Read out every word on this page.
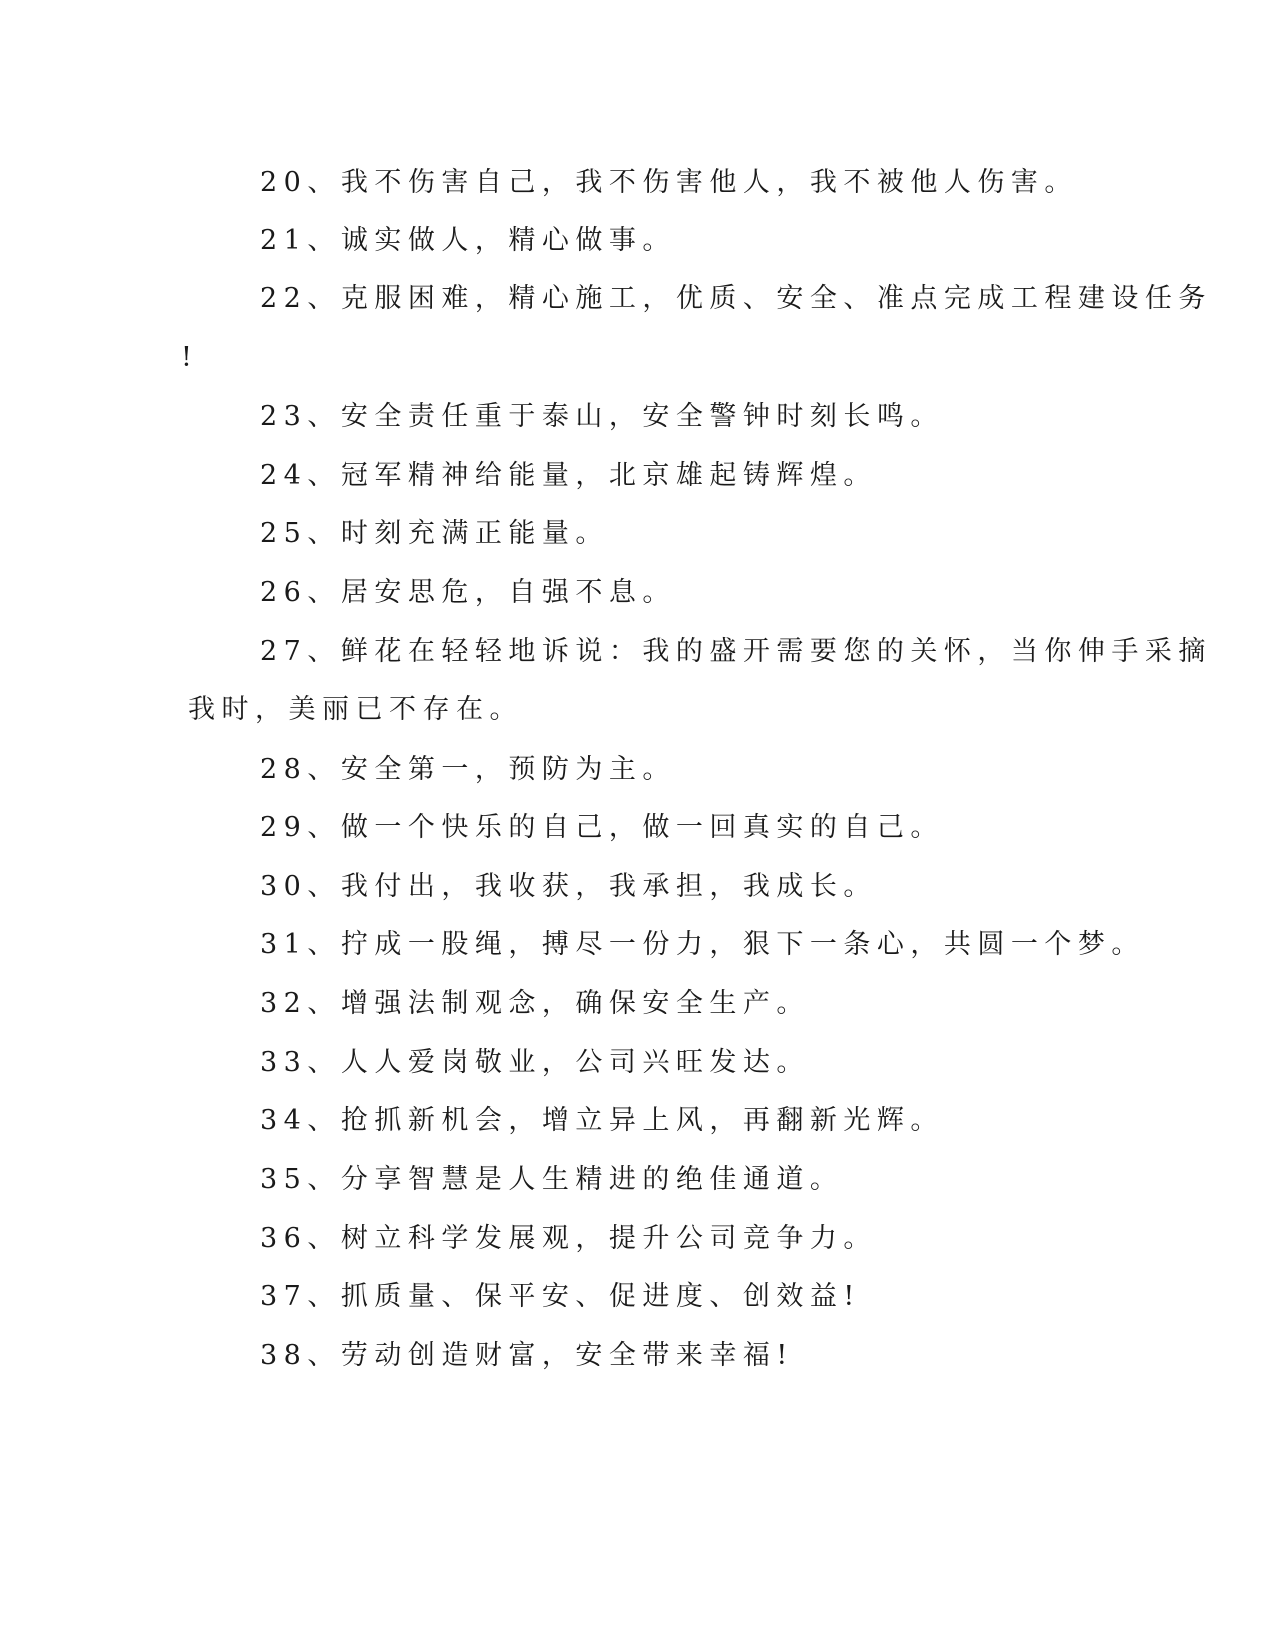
20、我不伤害自己，我不伤害他人，我不被他人伤害。
21、诚实做人，精心做事。
22、克服困难，精心施工，优质、安全、准点完成工程建设任务
!
23、安全责任重于泰山，安全警钟时刻长鸣。
24、冠军精神给能量，北京雄起铸辉煌。
25、时刻充满正能量。
26、居安思危，自强不息。
27、鲜花在轻轻地诉说：我的盛开需要您的关怀，当你伸手采摘
我时，美丽已不存在。
28、安全第一，预防为主。
29、做一个快乐的自己，做一回真实的自己。
30、我付出，我收获，我承担，我成长。
31、拧成一股绳，搏尽一份力，狠下一条心，共圆一个梦。
32、增强法制观念，确保安全生产。
33、人人爱岗敬业，公司兴旺发达。
34、抢抓新机会，增立异上风，再翻新光辉。
35、分享智慧是人生精进的绝佳通道。
36、树立科学发展观，提升公司竞争力。
37、抓质量、保平安、促进度、创效益!
38、劳动创造财富，安全带来幸福!
